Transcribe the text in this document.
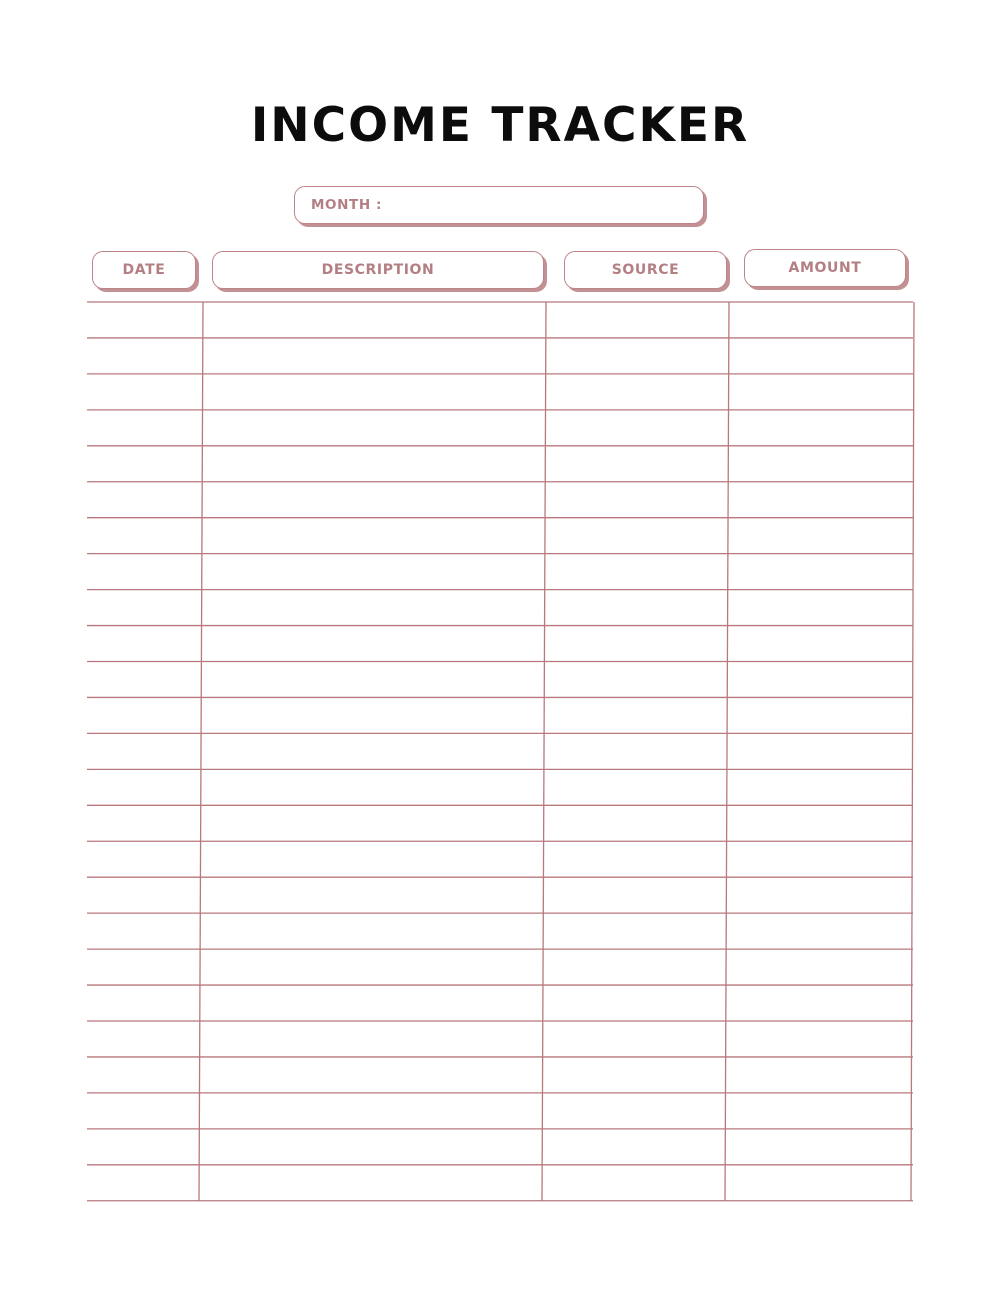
INCOME TRACKER
MONTH :
DATE	DESCRIPTION	SOURCE	AMOUNT
